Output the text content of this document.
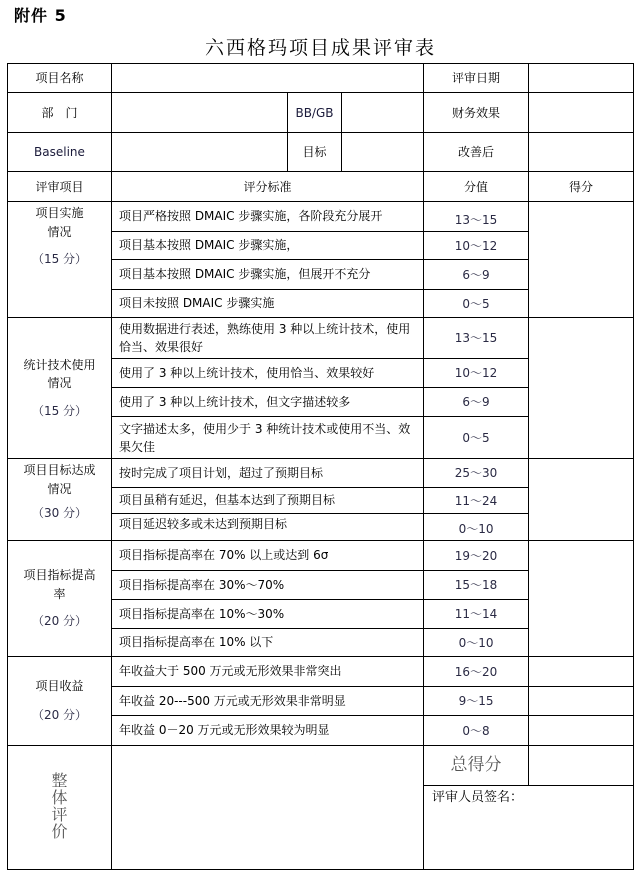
附件 5
六西格玛项目成果评审表
项目名称				评审日期	
部　门		BB/GB		财务效果	
Baseline		目标		改善后	
评审项目	评分标准			分值	得分
项目实施
情况
（15 分）	项目严格按照 DMAIC 步骤实施，各阶段充分展开			13～15	
	项目基本按照 DMAIC 步骤实施，			10～12	
	项目基本按照 DMAIC 步骤实施，但展开不充分			6～9	
	项目未按照 DMAIC 步骤实施			0～5	
统计技术使用
情况
（15 分）	使用数据进行表述，熟练使用 3 种以上统计技术，使用恰当、效果很好			13～15	
	使用了 3 种以上统计技术，使用恰当、效果较好			10～12	
	使用了 3 种以上统计技术，但文字描述较多			6～9	
	文字描述太多，使用少于 3 种统计技术或使用不当、效果欠佳			0～5	
项目目标达成
情况
（30 分）	按时完成了项目计划，超过了预期目标			25～30	
	项目虽稍有延迟，但基本达到了预期目标			11～24	
	项目延迟较多或未达到预期目标			0～10	
项目指标提高
率
（20 分）	项目指标提高率在 70% 以上或达到 6σ			19～20	
	项目指标提高率在 30%～70%			15～18	
	项目指标提高率在 10%～30%			11～14	
	项目指标提高率在 10% 以下			0～10	
项目收益
（20 分）	年收益大于 500 万元或无形效果非常突出			16～20	
	年收益 20---500 万元或无形效果非常明显			9～15	
	年收益 0－20 万元或无形效果较为明显			0～8	
整体评价				总得分	
				评审人员签名：	
